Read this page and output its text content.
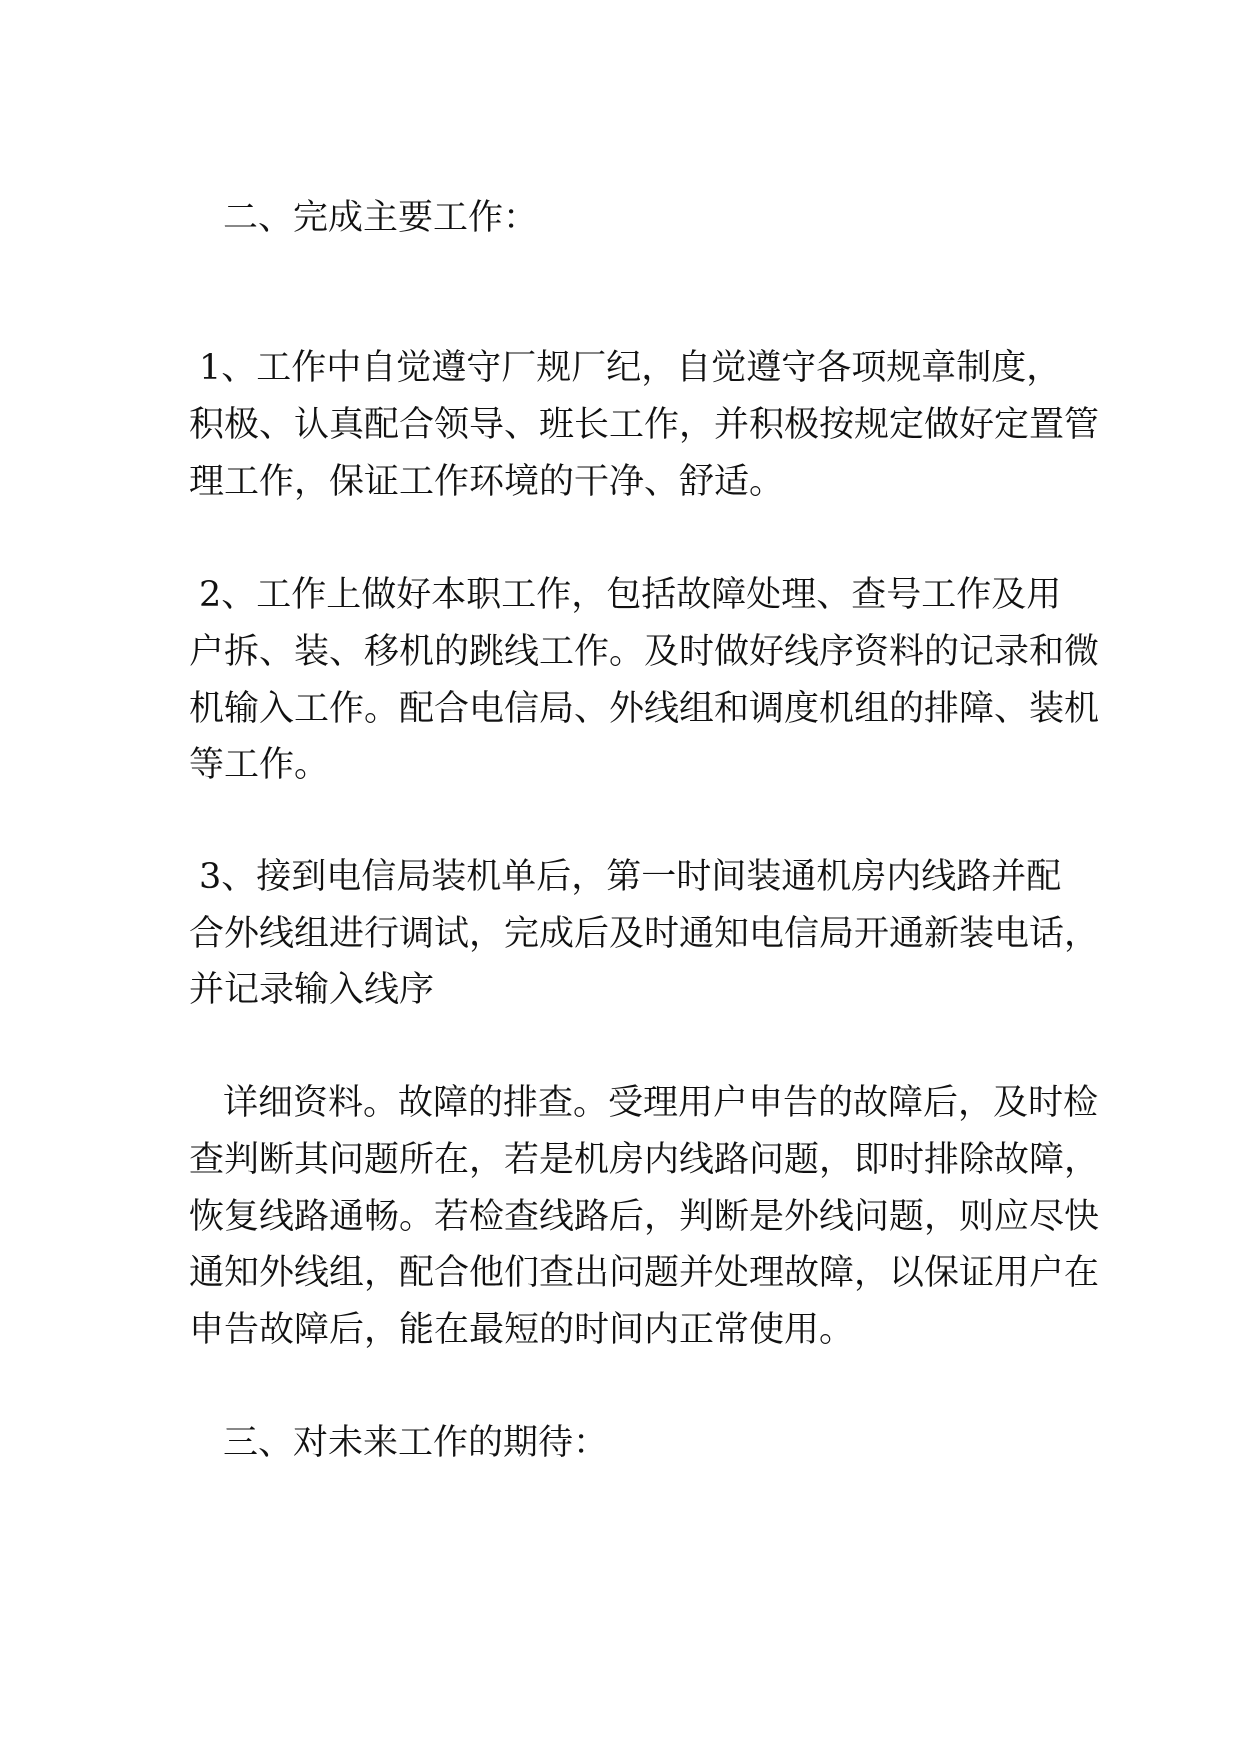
二、完成主要工作：
1、工作中自觉遵守厂规厂纪，自觉遵守各项规章制度，
积极、认真配合领导、班长工作，并积极按规定做好定置管
理工作，保证工作环境的干净、舒适。
2、工作上做好本职工作，包括故障处理、查号工作及用
户拆、装、移机的跳线工作。及时做好线序资料的记录和微
机输入工作。配合电信局、外线组和调度机组的排障、装机
等工作。
3、接到电信局装机单后，第一时间装通机房内线路并配
合外线组进行调试，完成后及时通知电信局开通新装电话，
并记录输入线序
详细资料。故障的排查。受理用户申告的故障后，及时检
查判断其问题所在，若是机房内线路问题，即时排除故障，
恢复线路通畅。若检查线路后，判断是外线问题，则应尽快
通知外线组，配合他们查出问题并处理故障，以保证用户在
申告故障后，能在最短的时间内正常使用。
三、对未来工作的期待：
